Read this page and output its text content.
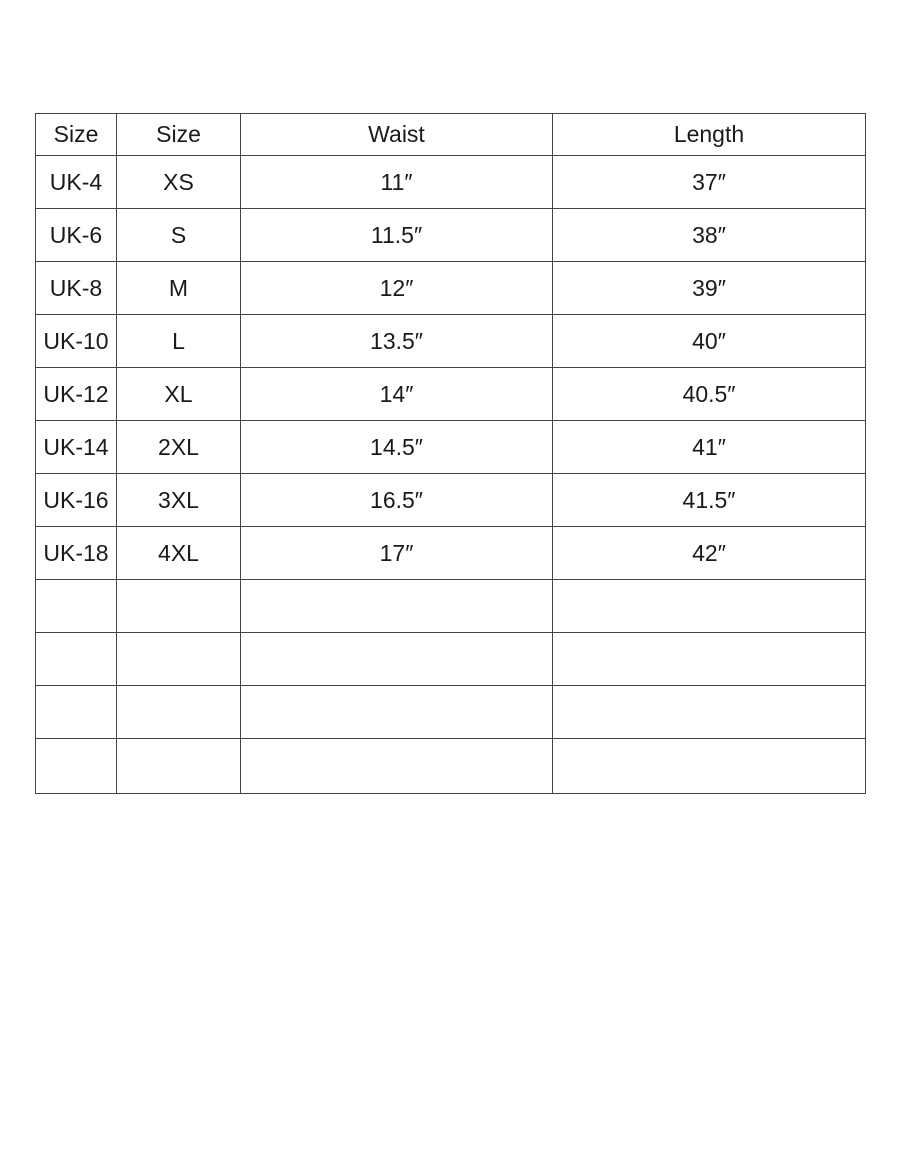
Size	Size	Waist	Length
UK-4	XS	11″	37″
UK-6	S	11.5″	38″
UK-8	M	12″	39″
UK-10	L	13.5″	40″
UK-12	XL	14″	40.5″
UK-14	2XL	14.5″	41″
UK-16	3XL	16.5″	41.5″
UK-18	4XL	17″	42″
